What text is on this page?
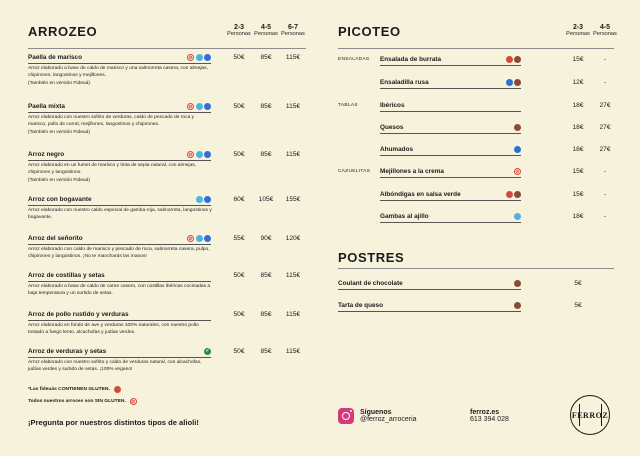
ARROZEO	2-3
Personas
4-5
Personas
6-7
Personas
Paella de marisco	⊘
Arroz elaborado a base de caldo de marisco y una salmorreta casera, con almejas, chipirones, langostinos y mejillones.
(También en versión Fideuá)
50€	85€	115€
Paella mixta	⊘
Arroz elaborado con nuestro sofrito de verduras, caldo de pescado de roca y marisco, pollo de corral, mejillones, langostinos y chipirones.
(También en versión Fideuá)
50€	85€	115€
Arroz negro	⊘
Arroz elaborado en un fumet de marisco y tinta de sepia natural, con almejas, chipirones y langostinos.
(También en versión Fideuá)
50€	85€	115€
Arroz con bogavante
Arroz elaborado con nuestro caldo especial de gamba roja, salmorreta, langostinos y bogavante.
60€	105€	155€
Arroz del señorito	⊘
Arroz elaborado con caldo de marisco y pescado de roca, salmorreta casera, pulpo, chipirones y langostinos. ¡No te mancharás las manos!
55€	90€	120€
Arroz de costillas y setas
Arroz elaborado a base de caldo de carne casero, con costillas ibéricas cocinadas a baja temperatura y un surtido de setas.
50€	85€	115€
Arroz de pollo rustido y verduras
Arroz elaborado en fondo de ave y verduras 100% naturales, con nuestro pollo tostado a fuego lento, alcachofas y judías verdes.
50€	85€	115€
Arroz de verduras y setas	✓
Arroz elaborado con nuestro sofrito y caldo de verduras natural, con alcachofas, judías verdes y surtido de setas. ¡100% vegano!
50€	85€	115€
*Las fideuás CONTIENEN GLUTEN.
Todos nuestros arroces son SIN GLUTEN. ⊘
¡Pregunta por nuestros distintos tipos de alioli!
PICOTEO	2-3
Personas
4-5
Personas
ENSALADAS Ensalada de burrata	15€	-
Ensaladilla rusa	12€	-
TABLAS	Ibéricos	18€	27€
Quesos	18€	27€
Ahumados	18€	27€
CAZUELITAS Mejillones a la crema	⊘	15€	-
Albóndigas en salsa verde	15€	-
Gambas al ajillo	18€	-
POSTRES
Coulant de chocolate	5€
Tarta de queso	5€
Síguenos
@ferroz_arroceria
ferroz.es
613 394 028	FERROZ
